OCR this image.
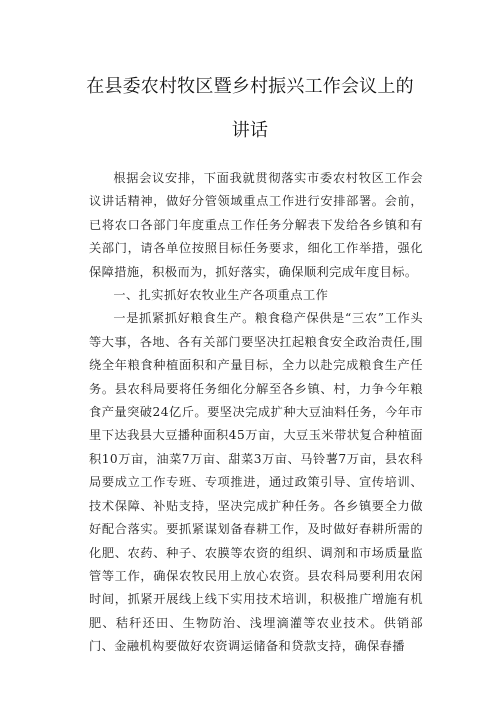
在县委农村牧区暨乡村振兴工作会议上的
讲话

根据会议安排，下面我就贯彻落实市委农村牧区工作会议讲话精神，做好分管领域重点工作进行安排部署。会前，已将农口各部门年度重点工作任务分解表下发给各乡镇和有关部门，请各单位按照目标任务要求，细化工作举措，强化保障措施，积极而为，抓好落实，确保顺利完成年度目标。

一、扎实抓好农牧业生产各项重点工作

一是抓紧抓好粮食生产。粮食稳产保供是“三农”工作头等大事，各地、各有关部门要坚决扛起粮食安全政治责任,围绕全年粮食种植面积和产量目标，全力以赴完成粮食生产任务。县农科局要将任务细化分解至各乡镇、村，力争今年粮食产量突破24亿斤。要坚决完成扩种大豆油料任务，今年市里下达我县大豆播种面积45万亩，大豆玉米带状复合种植面积10万亩，油菜7万亩、甜菜3万亩、马铃薯7万亩，县农科局要成立工作专班、专项推进，通过政策引导、宣传培训、技术保障、补贴支持，坚决完成扩种任务。各乡镇要全力做好配合落实。要抓紧谋划备春耕工作，及时做好春耕所需的化肥、农药、种子、农膜等农资的组织、调剂和市场质量监管等工作，确保农牧民用上放心农资。县农科局要利用农闲时间，抓紧开展线上线下实用技术培训，积极推广增施有机肥、秸秆还田、生物防治、浅埋滴灌等农业技术。供销部门、金融机构要做好农资调运储备和贷款支持，确保春播
